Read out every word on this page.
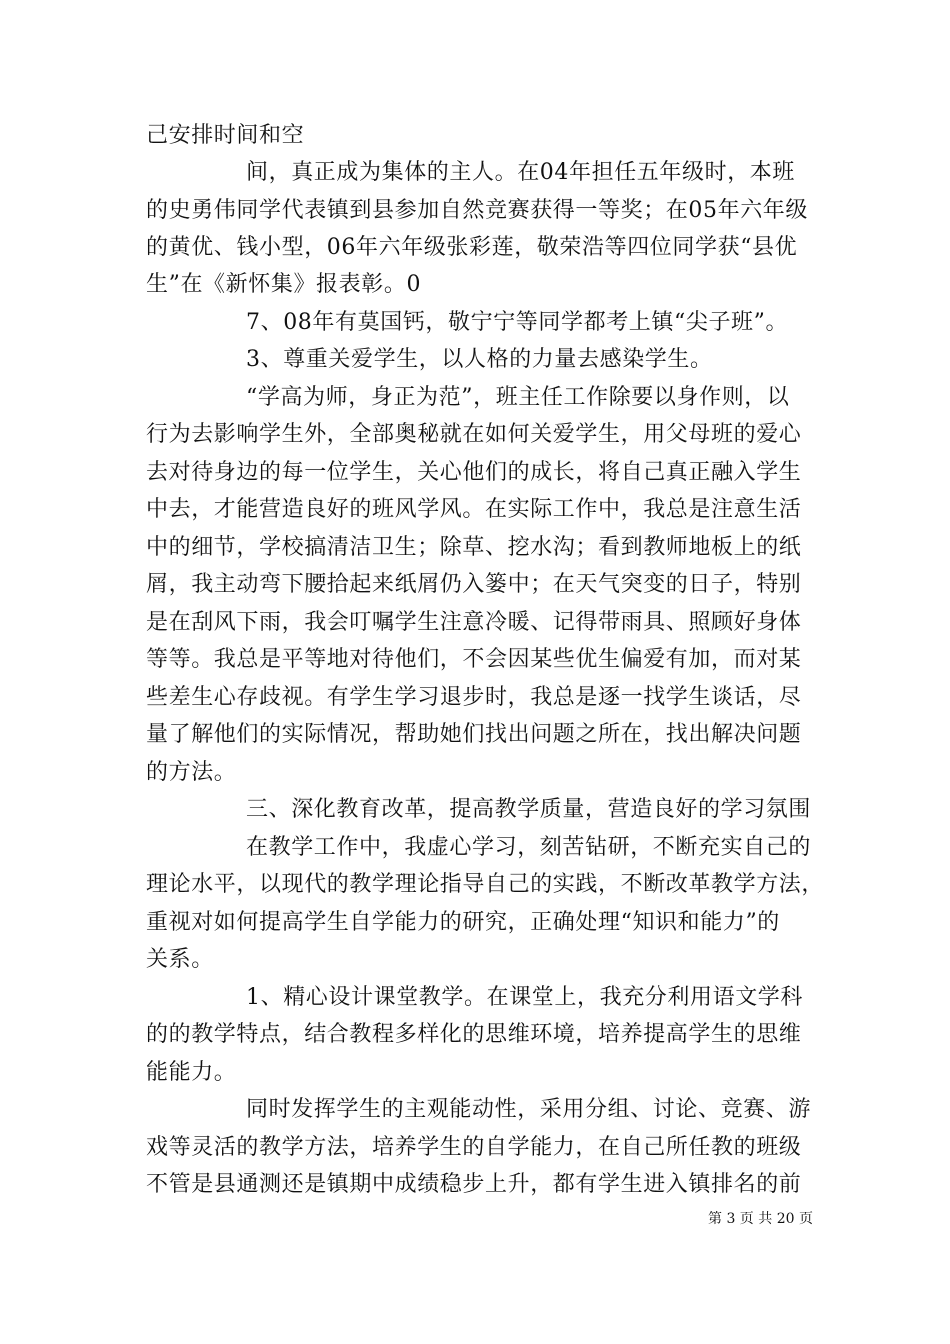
己安排时间和空
间，真正成为集体的主人。在04年担任五年级时，本班
的史勇伟同学代表镇到县参加自然竞赛获得一等奖；在05年六年级
的黄优、钱小型，06年六年级张彩莲，敬荣浩等四位同学获“县优
生”在《新怀集》报表彰。0
7、08年有莫国钙，敬宁宁等同学都考上镇“尖子班”。
3、尊重关爱学生，以人格的力量去感染学生。
“学高为师，身正为范”，班主任工作除要以身作则，以
行为去影响学生外，全部奥秘就在如何关爱学生，用父母班的爱心
去对待身边的每一位学生，关心他们的成长，将自己真正融入学生
中去，才能营造良好的班风学风。在实际工作中，我总是注意生活
中的细节，学校搞清洁卫生；除草、挖水沟；看到教师地板上的纸
屑，我主动弯下腰拾起来纸屑仍入篓中；在天气突变的日子，特别
是在刮风下雨，我会叮嘱学生注意冷暖、记得带雨具、照顾好身体
等等。我总是平等地对待他们，不会因某些优生偏爱有加，而对某
些差生心存歧视。有学生学习退步时，我总是逐一找学生谈话，尽
量了解他们的实际情况，帮助她们找出问题之所在，找出解决问题
的方法。
三、深化教育改革，提高教学质量，营造良好的学习氛围
在教学工作中，我虚心学习，刻苦钻研，不断充实自己的
理论水平，以现代的教学理论指导自己的实践，不断改革教学方法，
重视对如何提高学生自学能力的研究，正确处理“知识和能力”的
关系。
1、精心设计课堂教学。在课堂上，我充分利用语文学科
的的教学特点，结合教程多样化的思维环境，培养提高学生的思维
能能力。
同时发挥学生的主观能动性，采用分组、讨论、竞赛、游
戏等灵活的教学方法，培养学生的自学能力，在自己所任教的班级
不管是县通测还是镇期中成绩稳步上升，都有学生进入镇排名的前
第 3 页 共 20 页
